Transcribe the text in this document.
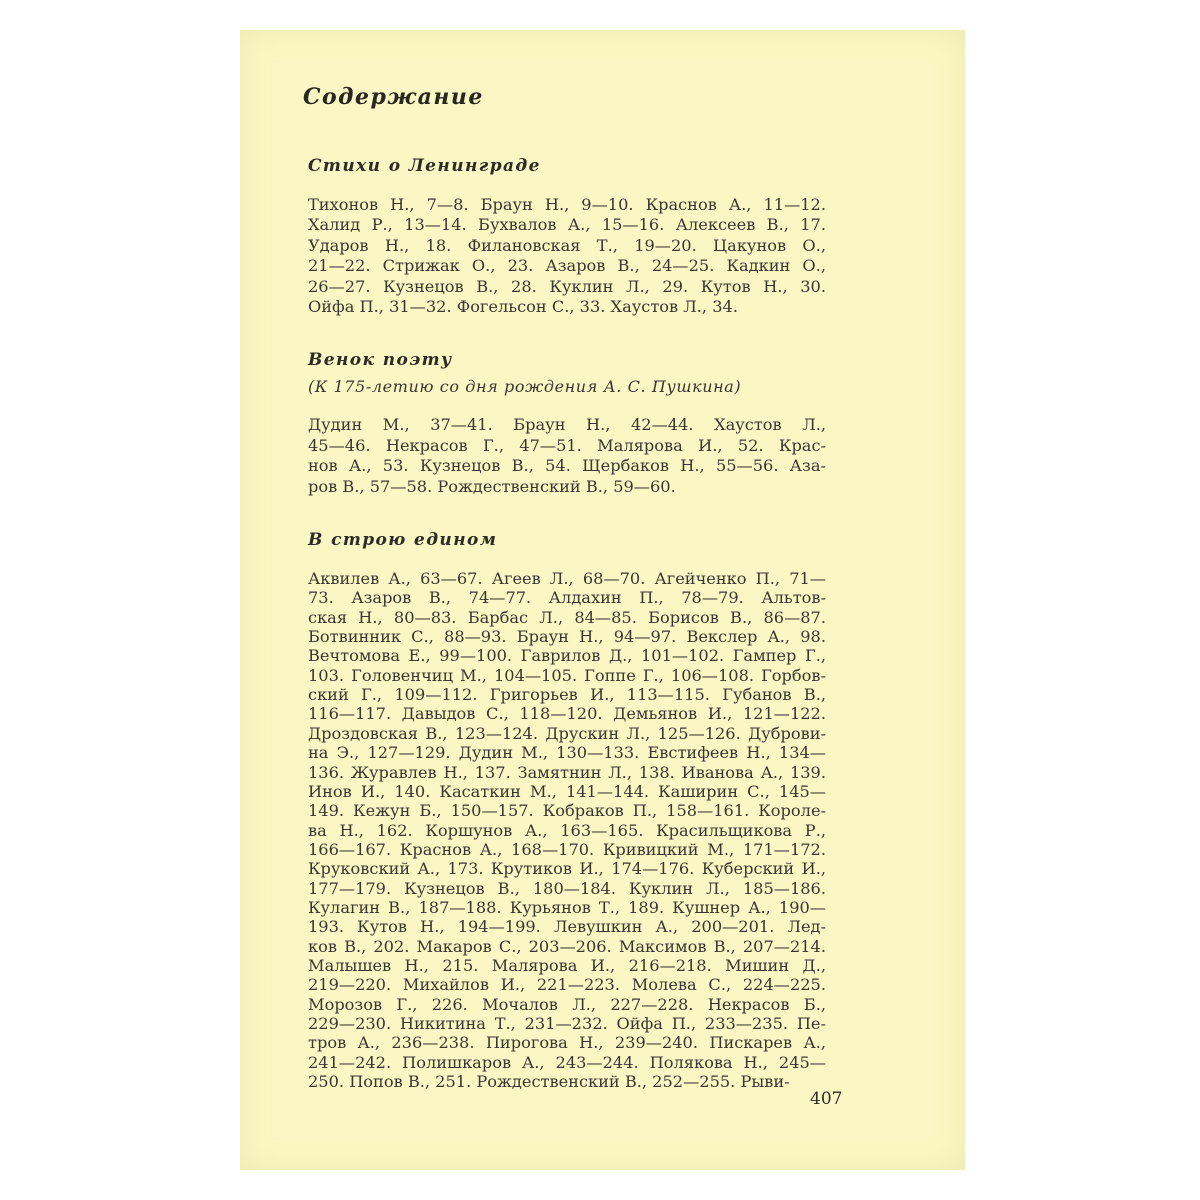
Содержание
Стихи о Ленинграде
Тихонов Н., 7—8. Браун Н., 9—10. Краснов А., 11—12.
Халид Р., 13—14. Бухвалов А., 15—16. Алексеев В., 17.
Ударов Н., 18. Филановская Т., 19—20. Цакунов О.,
21—22. Стрижак О., 23. Азаров В., 24—25. Кадкин О.,
26—27. Кузнецов В., 28. Куклин Л., 29. Кутов Н., 30.
Ойфа П., 31—32. Фогельсон С., 33. Хаустов Л., 34.
Венок поэту
(К 175-летию со дня рождения А. С. Пушкина)
Дудин М., 37—41. Браун Н., 42—44. Хаустов Л.,
45—46. Некрасов Г., 47—51. Малярова И., 52. Крас-
нов А., 53. Кузнецов В., 54. Щербаков Н., 55—56. Аза-
ров В., 57—58. Рождественский В., 59—60.
В строю едином
Аквилев А., 63—67. Агеев Л., 68—70. Агейченко П., 71—
73. Азаров В., 74—77. Алдахин П., 78—79. Альтов-
ская Н., 80—83. Барбас Л., 84—85. Борисов В., 86—87.
Ботвинник С., 88—93. Браун Н., 94—97. Векслер А., 98.
Вечтомова Е., 99—100. Гаврилов Д., 101—102. Гампер Г.,
103. Головенчиц М., 104—105. Гоппе Г., 106—108. Горбов-
ский Г., 109—112. Григорьев И., 113—115. Губанов В.,
116—117. Давыдов С., 118—120. Демьянов И., 121—122.
Дроздовская В., 123—124. Друскин Л., 125—126. Дуброви-
на Э., 127—129. Дудин М., 130—133. Евстифеев Н., 134—
136. Журавлев Н., 137. Замятнин Л., 138. Иванова А., 139.
Инов И., 140. Касаткин М., 141—144. Каширин С., 145—
149. Кежун Б., 150—157. Кобраков П., 158—161. Короле-
ва Н., 162. Коршунов А., 163—165. Красильщикова Р.,
166—167. Краснов А., 168—170. Кривицкий М., 171—172.
Круковский А., 173. Крутиков И., 174—176. Куберский И.,
177—179. Кузнецов В., 180—184. Куклин Л., 185—186.
Кулагин В., 187—188. Курьянов Т., 189. Кушнер А., 190—
193. Кутов Н., 194—199. Левушкин А., 200—201. Лед-
ков В., 202. Макаров С., 203—206. Максимов В., 207—214.
Малышев Н., 215. Малярова И., 216—218. Мишин Д.,
219—220. Михайлов И., 221—223. Молева С., 224—225.
Морозов Г., 226. Мочалов Л., 227—228. Некрасов Б.,
229—230. Никитина Т., 231—232. Ойфа П., 233—235. Пе-
тров А., 236—238. Пирогова Н., 239—240. Пискарев А.,
241—242. Полишкаров А., 243—244. Полякова Н., 245—
250. Попов В., 251. Рождественский В., 252—255. Рыви-
407
